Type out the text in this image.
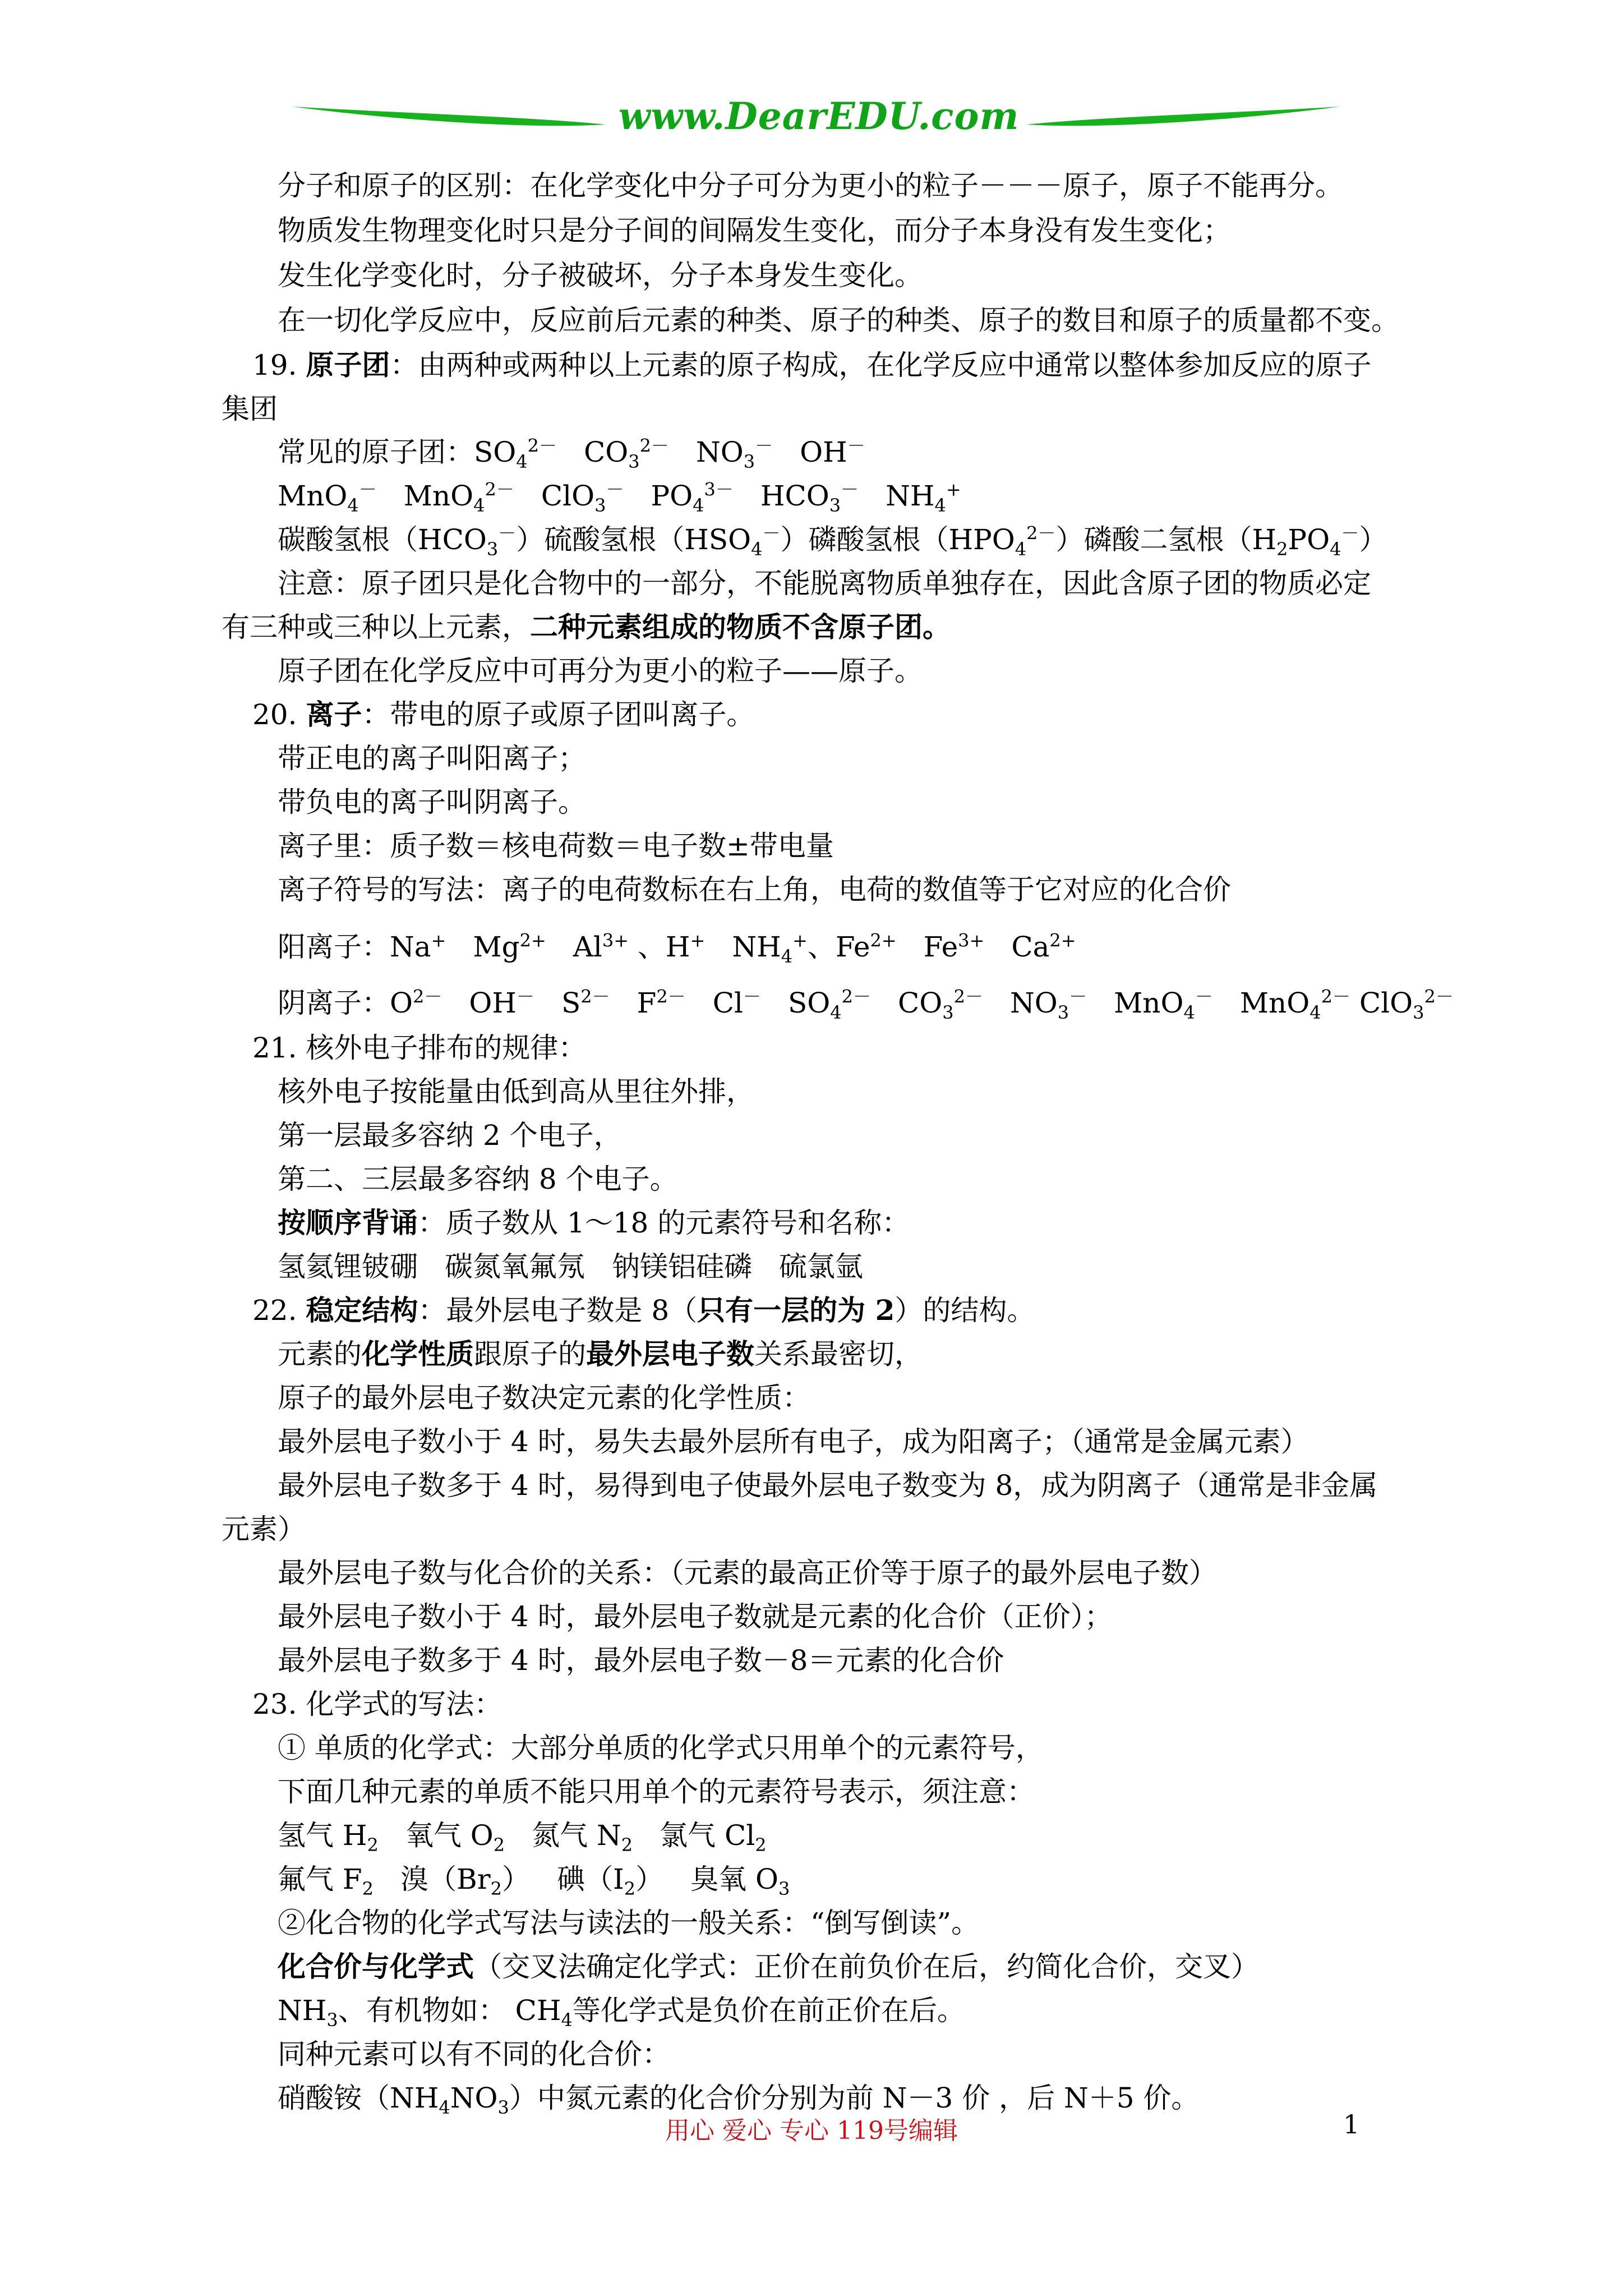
www.DearEDU.com
分子和原子的区别：在化学变化中分子可分为更小的粒子－－－原子，原子不能再分。
物质发生物理变化时只是分子间的间隔发生变化，而分子本身没有发生变化；
发生化学变化时，分子被破坏，分子本身发生变化。
在一切化学反应中，反应前后元素的种类、原子的种类、原子的数目和原子的质量都不变。
19. 原子团：由两种或两种以上元素的原子构成，在化学反应中通常以整体参加反应的原子
集团
常见的原子团：$SO_4^{2-}$ $CO_3^{2-}$ $NO_3^-$ OH－
MnO$_4$－ MnO$_4^{2-}$ ClO$_3$－ $PO_4^{3-}$ $HCO_3^-$ $NH_4^+$
碳酸氢根$(HCO_3^-)$硫酸氢根$(HSO_4^-)$磷酸氢根$(HPO_4^{2-})$磷酸二氢根$(H_2PO_4^-)$
注意：原子团只是化合物中的一部分，不能脱离物质单独存在，因此含原子团的物质必定
有三种或三种以上元素，二种元素组成的物质不含原子团。
原子团在化学反应中可再分为更小的粒子——原子。
20. 离子：带电的原子或原子团叫离子。
带正电的离子叫阳离子；
带负电的离子叫阴离子。
离子里：质子数＝核电荷数＝电子数±带电量
离子符号的写法：离子的电荷数标在右上角，电荷的数值等于它对应的化合价
阳离子：Na+ $Mg^{2+}$ $Al^{3+}$ 、H+ $NH_4^+$、$Fe^{2+}$ $Fe^{3+}$ $Ca^{2+}$
阴离子：$O^{2-}$ OH－ $S^{2-}$ $F^{2-}$ Cl－ $SO_4^{2-}$ $CO_3^{2-}$ $NO_3^-$ MnO$_4$－ MnO$_4^{2-}$ ClO$_3^{2-}$
21. 核外电子排布的规律：
核外电子按能量由低到高从里往外排，
第一层最多容纳 2 个电子，
第二、三层最多容纳 8 个电子。
按顺序背诵：质子数从 1～18 的元素符号和名称：
氢氦锂铍硼 碳氮氧氟氖 钠镁铝硅磷 硫氯氩
22. 稳定结构：最外层电子数是 8（只有一层的为 2）的结构。
元素的化学性质跟原子的最外层电子数关系最密切，
原子的最外层电子数决定元素的化学性质：
最外层电子数小于 4 时，易失去最外层所有电子，成为阳离子；（通常是金属元素）
最外层电子数多于 4 时，易得到电子使最外层电子数变为 8，成为阴离子（通常是非金属
元素）
最外层电子数与化合价的关系：（元素的最高正价等于原子的最外层电子数）
最外层电子数小于 4 时，最外层电子数就是元素的化合价（正价）；
最外层电子数多于 4 时，最外层电子数－8＝元素的化合价
23. 化学式的写法：
① 单质的化学式：大部分单质的化学式只用单个的元素符号，
下面几种元素的单质不能只用单个的元素符号表示，须注意：
氢气 $H_2$ 氧气 $O_2$ 氮气 $N_2$ 氯气 $Cl_2$
氟气 $F_2$ 溴$(Br_2)$ 碘$(I_2)$ 臭氧 $O_3$
②化合物的化学式写法与读法的一般关系：“倒写倒读”。
化合价与化学式（交叉法确定化学式：正价在前负价在后，约简化合价，交叉）
$NH_3$、有机物如： $CH_4$等化学式是负价在前正价在后。
同种元素可以有不同的化合价：
硝酸铵$(NH_4NO_3)$中氮元素的化合价分别为前 N－3 价 ，后 N＋5 价。
用心 爱心 专心 119号编辑	1
